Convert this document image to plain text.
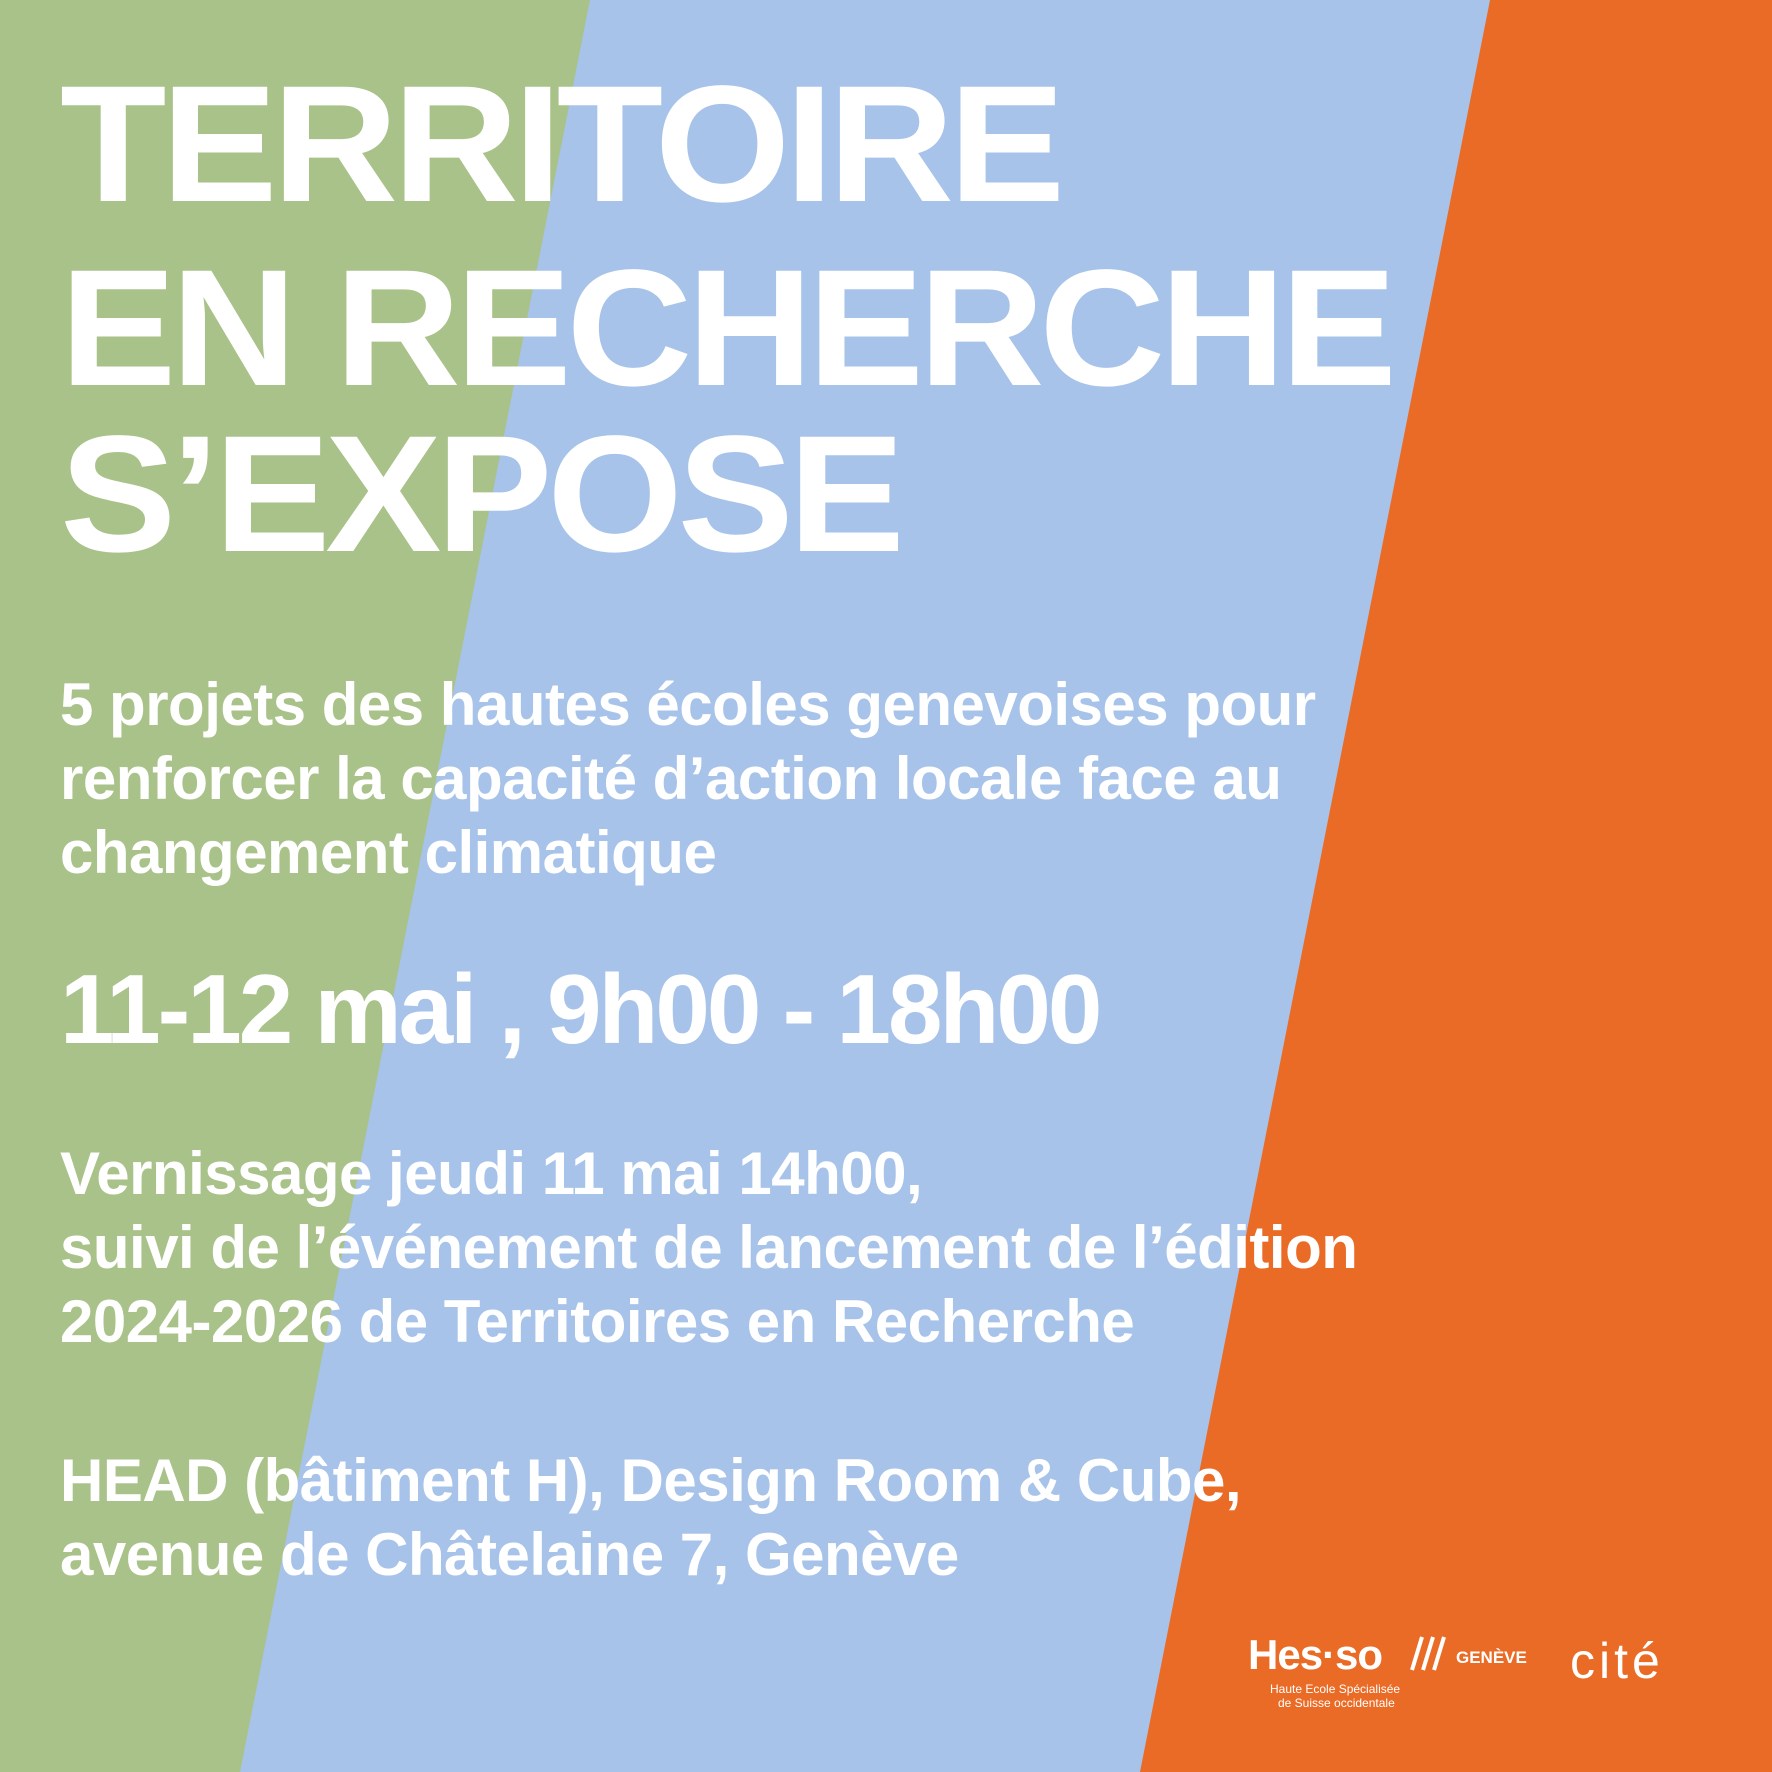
TERRITOIRE
EN RECHERCHE
S’EXPOSE
5 projets des hautes écoles genevoises pour
renforcer la capacité d’action locale face au
changement climatique
11-12 mai , 9h00 - 18h00
Vernissage jeudi 11 mai 14h00,
suivi de l’événement de lancement de l’édition
2024-2026 de Territoires en Recherche
HEAD (bâtiment H), Design Room & Cube,
avenue de Châtelaine 7, Genève
Hes·so	GENÈVE
Haute Ecole Spécialisée
de Suisse occidentale
cité
